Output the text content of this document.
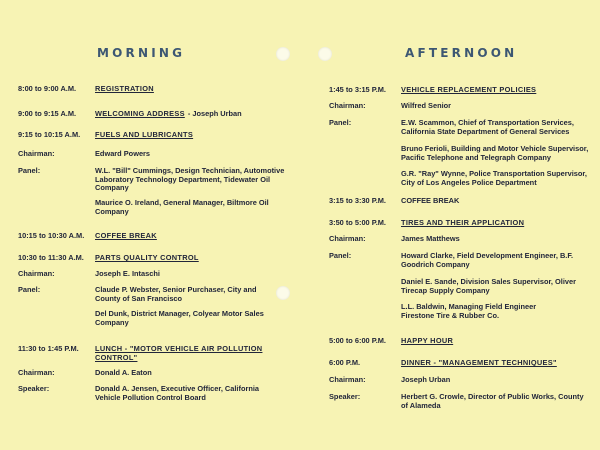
MORNING
8:00 to 9:00 A.M.	REGISTRATION
9:00 to 9:15 A.M.	WELCOMING ADDRESS - Joseph Urban
9:15 to 10:15 A.M. FUELS AND LUBRICANTS
Chairman:	Edward Powers
Panel:	W.L. "Bill" Cummings, Design Technician, Automotive
Laboratory Technology Department, Tidewater Oil
Company
Maurice O. Ireland, General Manager, Biltmore Oil
Company
10:15 to 10:30 A.M. COFFEE BREAK
10:30 to 11:30 A.M. PARTS QUALITY CONTROL
Chairman:	Joseph E. Intaschi
Panel:	Claude P. Webster, Senior Purchaser, City and
County of San Francisco
Del Dunk, District Manager, Colyear Motor Sales
Company
11:30 to 1:45 P.M. LUNCH - "MOTOR VEHICLE AIR POLLUTION
CONTROL"
Chairman:	Donald A. Eaton
Speaker:	Donald A. Jensen, Executive Officer, California
Vehicle Pollution Control Board
AFTERNOON
1:45 to 3:15 P.M. VEHICLE REPLACEMENT POLICIES
Chairman:	Wilfred Senior
Panel:	E.W. Scammon, Chief of Transportation Services,
California State Department of General Services
Bruno Ferioli, Building and Motor Vehicle Supervisor,
Pacific Telephone and Telegraph Company
G.R. "Ray" Wynne, Police Transportation Supervisor,
City of Los Angeles Police Department
3:15 to 3:30 P.M. COFFEE BREAK
3:50 to 5:00 P.M. TIRES AND THEIR APPLICATION
Chairman:	James Matthews
Panel:	Howard Clarke, Field Development Engineer, B.F.
Goodrich Company
Daniel E. Sande, Division Sales Supervisor, Oliver
Tirecap Supply Company
L.L. Baldwin, Managing Field Engineer
Firestone Tire & Rubber Co.
5:00 to 6:00 P.M. HAPPY HOUR
6:00 P.M.	DINNER - "MANAGEMENT TECHNIQUES"
Chairman:	Joseph Urban
Speaker:	Herbert G. Crowle, Director of Public Works, County
of Alameda
